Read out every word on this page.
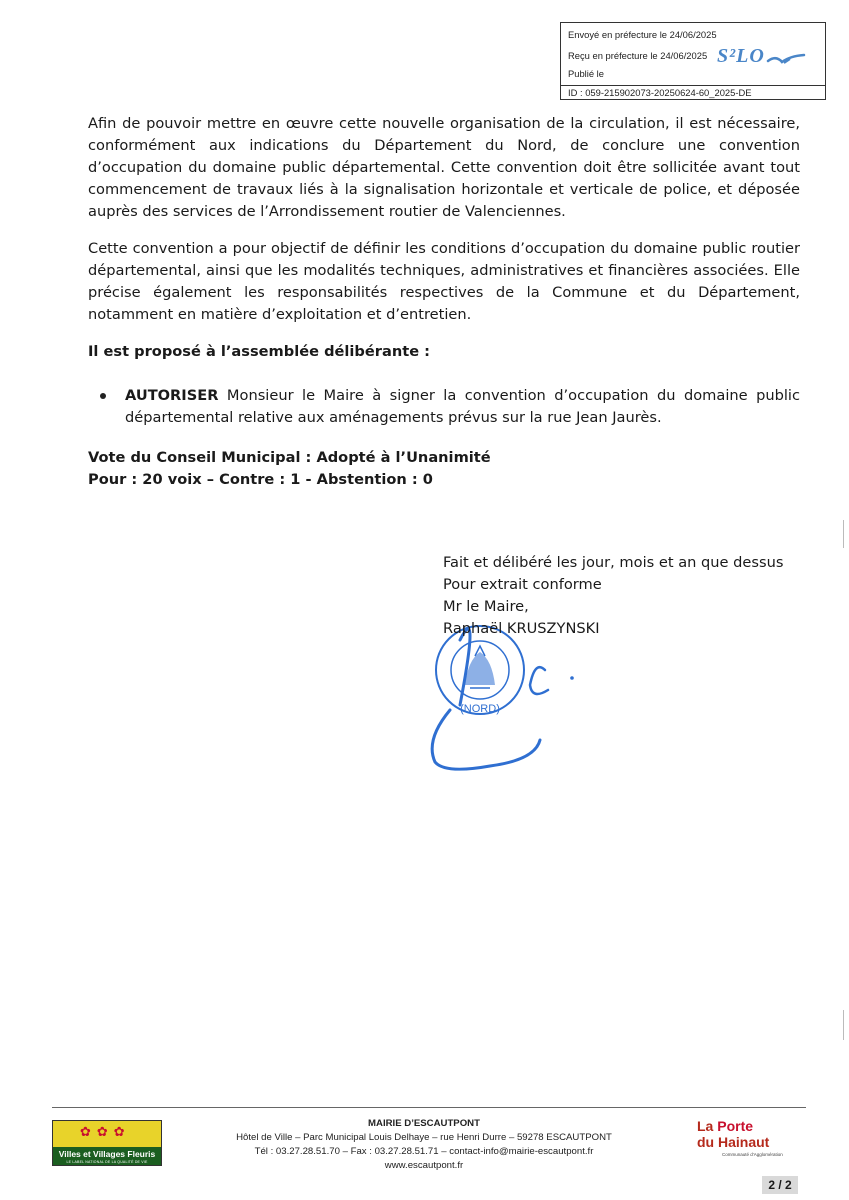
Envoyé en préfecture le 24/06/2025
Reçu en préfecture le 24/06/2025
Publié le
ID : 059-215902073-20250624-60_2025-DE
S²LO
Afin de pouvoir mettre en œuvre cette nouvelle organisation de la circulation, il est nécessaire, conformément aux indications du Département du Nord, de conclure une convention d’occupation du domaine public départemental. Cette convention doit être sollicitée avant tout commencement de travaux liés à la signalisation horizontale et verticale de police, et déposée auprès des services de l’Arrondissement routier de Valenciennes.
Cette convention a pour objectif de définir les conditions d’occupation du domaine public routier départemental, ainsi que les modalités techniques, administratives et financières associées. Elle précise également les responsabilités respectives de la Commune et du Département, notamment en matière d’exploitation et d’entretien.
Il est proposé à l’assemblée délibérante :
AUTORISER Monsieur le Maire à signer la convention d’occupation du domaine public départemental relative aux aménagements prévus sur la rue Jean Jaurès.
Vote du Conseil Municipal : Adopté à l’Unanimité
Pour : 20 voix – Contre : 1 - Abstention : 0
(NORD)
Fait et délibéré les jour, mois et an que dessus
Pour extrait conforme
Mr le Maire,
Raphaël KRUSZYNSKI
✿✿✿
Villes et Villages Fleuris
LE LABEL NATIONAL DE LA QUALITÉ DE VIE
MAIRIE D’ESCAUTPONT
Hôtel de Ville – Parc Municipal Louis Delhaye – rue Henri Durre – 59278 ESCAUTPONT
Tél : 03.27.28.51.70 – Fax : 03.27.28.51.71 – contact-info@mairie-escautpont.fr
www.escautpont.fr
La Porte
du Hainaut
Communauté d’Agglomération
2 / 2
